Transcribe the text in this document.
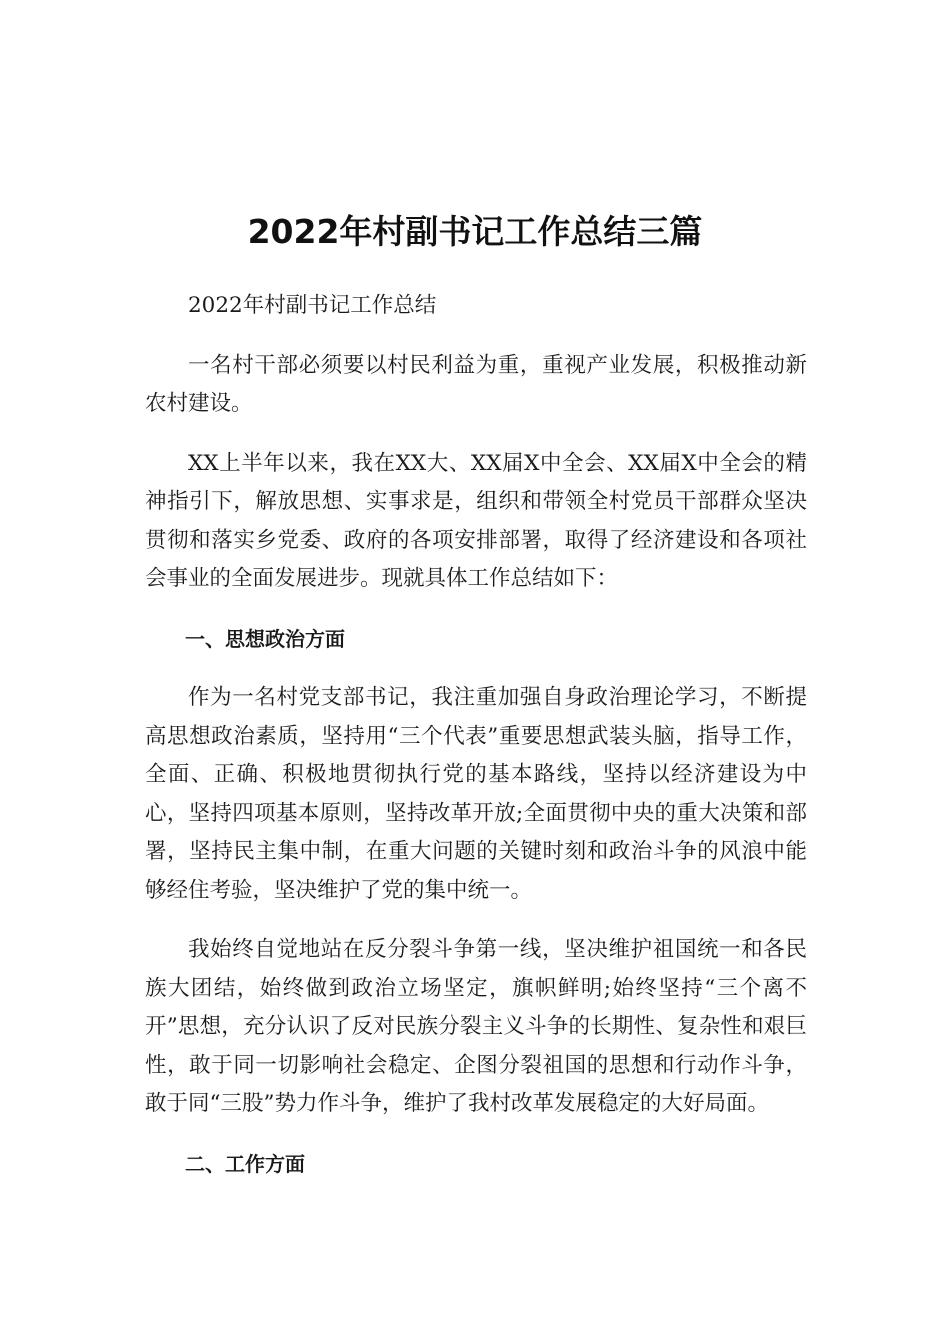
2022年村副书记工作总结三篇

2022年村副书记工作总结

一名村干部必须要以村民利益为重，重视产业发展，积极推动新农村建设。

XX上半年以来，我在XX大、XX届X中全会、XX届X中全会的精神指引下，解放思想、实事求是，组织和带领全村党员干部群众坚决贯彻和落实乡党委、政府的各项安排部署，取得了经济建设和各项社会事业的全面发展进步。现就具体工作总结如下：

一、思想政治方面

作为一名村党支部书记，我注重加强自身政治理论学习，不断提高思想政治素质，坚持用“三个代表”重要思想武装头脑，指导工作，全面、正确、积极地贯彻执行党的基本路线，坚持以经济建设为中心，坚持四项基本原则，坚持改革开放;全面贯彻中央的重大决策和部署，坚持民主集中制，在重大问题的关键时刻和政治斗争的风浪中能够经住考验，坚决维护了党的集中统一。

我始终自觉地站在反分裂斗争第一线，坚决维护祖国统一和各民族大团结，始终做到政治立场坚定，旗帜鲜明;始终坚持“三个离不开”思想，充分认识了反对民族分裂主义斗争的长期性、复杂性和艰巨性，敢于同一切影响社会稳定、企图分裂祖国的思想和行动作斗争，敢于同“三股”势力作斗争，维护了我村改革发展稳定的大好局面。

二、工作方面
